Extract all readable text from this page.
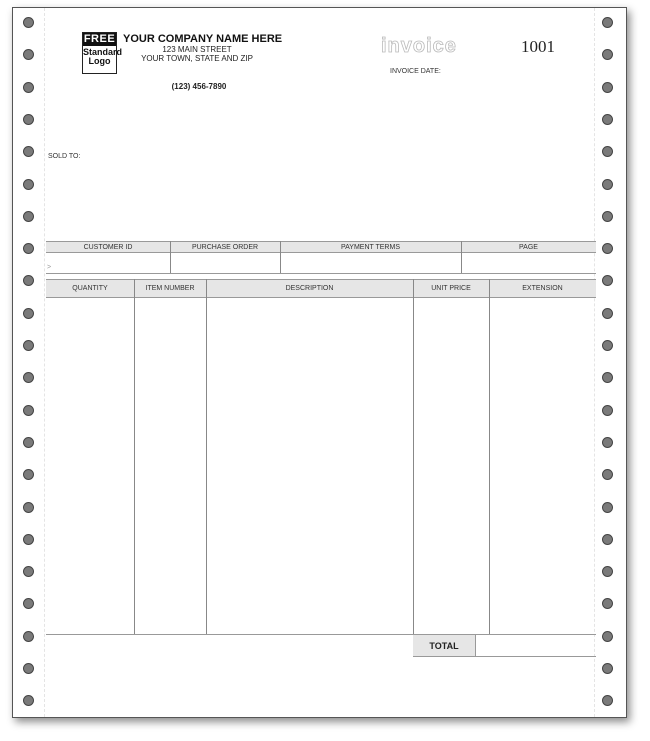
FREE
Standard
Logo
YOUR COMPANY NAME HERE
123 MAIN STREET
YOUR TOWN, STATE AND ZIP
(123) 456-7890
invoice	1001
INVOICE DATE:
SOLD TO:
CUSTOMER ID	PURCHASE ORDER	PAYMENT TERMS	PAGE
>
QUANTITY	ITEM NUMBER	DESCRIPTION	UNIT PRICE	EXTENSION
TOTAL
